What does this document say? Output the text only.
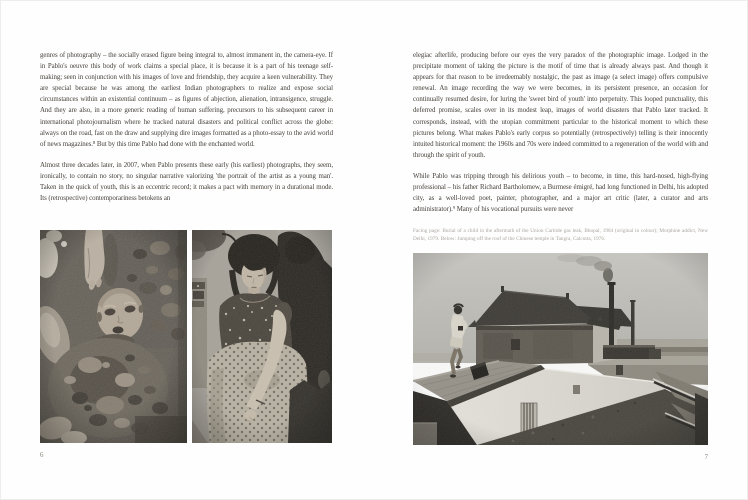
genres of photography – the socially erased figure being integral to, almost immanent in, the camera-eye. If in Pablo's oeuvre this body of work claims a special place, it is because it is a part of his teenage self-making; seen in conjunction with his images of love and friendship, they acquire a keen vulnerability. They are special because he was among the earliest Indian photographers to realize and expose social circumstances within an existential continuum – as figures of abjection, alienation, intransigence, struggle. And they are also, in a more generic reading of human suffering, precursors to his subsequent career in international photojournalism where he tracked natural disasters and political conflict across the globe: always on the road, fast on the draw and supplying dire images formatted as a photo-essay to the avid world of news magazines.⁸ But by this time Pablo had done with the enchanted world.

Almost three decades later, in 2007, when Pablo presents these early (his earliest) photographs, they seem, ironically, to contain no story, no singular narrative valorizing 'the portrait of the artist as a young man'. Taken in the quick of youth, this is an eccentric record; it makes a pact with memory in a durational mode. Its (retrospective) contemporariness betokens an

6

elegiac afterlife, producing before our eyes the very paradox of the photographic image. Lodged in the precipitate moment of taking the picture is the motif of time that is already always past. And though it appears for that reason to be irredeemably nostalgic, the past as image (a select image) offers compulsive renewal. An image recording the way we were becomes, in its persistent presence, an occasion for continually resumed desire, for luring the 'sweet bird of youth' into perpetuity. This looped punctuality, this deferred promise, scales over in its modest leap, images of world disasters that Pablo later tracked. It corresponds, instead, with the utopian commitment particular to the historical moment to which these pictures belong. What makes Pablo's early corpus so potentially (retrospectively) telling is their innocently intuited historical moment: the 1960s and 70s were indeed committed to a regeneration of the world with and through the spirit of youth.

While Pablo was tripping through his delirious youth – to become, in time, this hard-nosed, high-flying professional – his father Richard Bartholomew, a Burmese émigré, had long functioned in Delhi, his adopted city, as a well-loved poet, painter, photographer, and a major art critic (later, a curator and arts administrator).⁹ Many of his vocational pursuits were never

Facing page: Burial of a child in the aftermath of the Union Carbide gas leak, Bhopal, 1984 (original in colour); Morphine addict, New Delhi, 1979. Below: Jumping off the roof of the Chinese temple in Tangra, Calcutta, 1976.
7
